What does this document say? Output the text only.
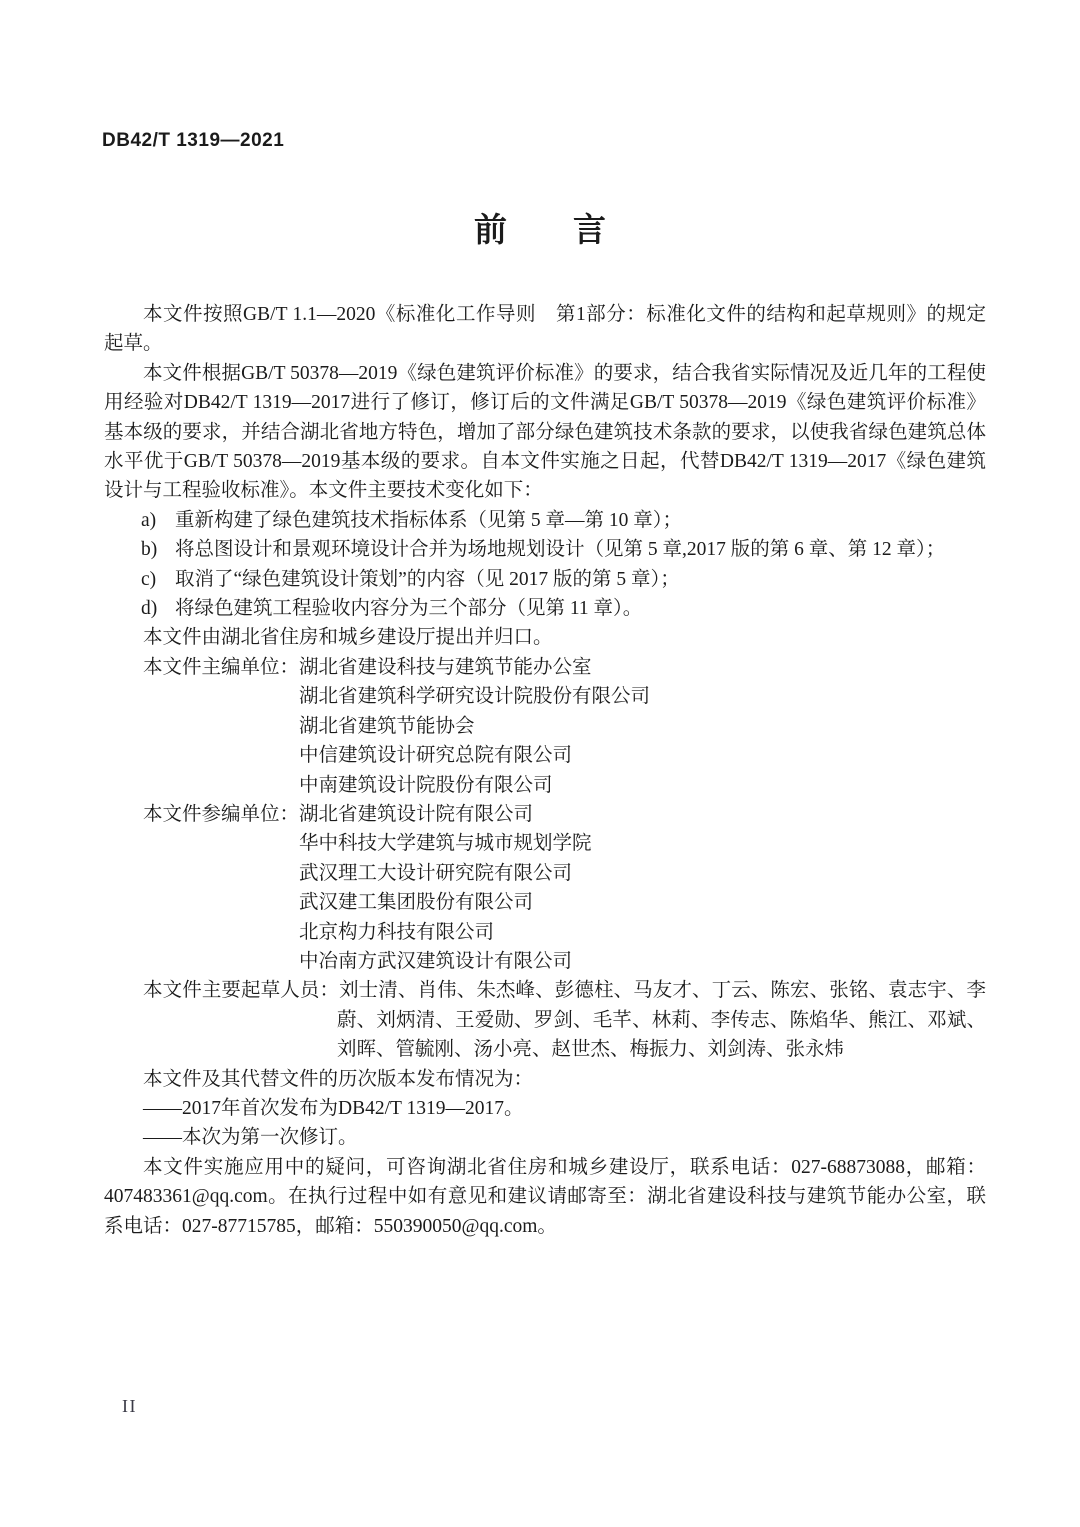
DB42/T 1319—2021
前　　言
本文件按照GB/T 1.1—2020《标准化工作导则　第1部分：标准化文件的结构和起草规则》的规定起草。
本文件根据GB/T 50378—2019《绿色建筑评价标准》的要求，结合我省实际情况及近几年的工程使用经验对DB42/T 1319—2017进行了修订，修订后的文件满足GB/T 50378—2019《绿色建筑评价标准》基本级的要求，并结合湖北省地方特色，增加了部分绿色建筑技术条款的要求，以使我省绿色建筑总体水平优于GB/T 50378—2019基本级的要求。自本文件实施之日起，代替DB42/T 1319—2017《绿色建筑设计与工程验收标准》。本文件主要技术变化如下：
a) 重新构建了绿色建筑技术指标体系（见第 5 章—第 10 章）；
b) 将总图设计和景观环境设计合并为场地规划设计（见第 5 章,2017 版的第 6 章、第 12 章）；
c) 取消了“绿色建筑设计策划”的内容（见 2017 版的第 5 章）；
d) 将绿色建筑工程验收内容分为三个部分（见第 11 章）。
本文件由湖北省住房和城乡建设厅提出并归口。
本文件主编单位：湖北省建设科技与建筑节能办公室
湖北省建筑科学研究设计院股份有限公司
湖北省建筑节能协会
中信建筑设计研究总院有限公司
中南建筑设计院股份有限公司
本文件参编单位：湖北省建筑设计院有限公司
华中科技大学建筑与城市规划学院
武汉理工大设计研究院有限公司
武汉建工集团股份有限公司
北京构力科技有限公司
中冶南方武汉建筑设计有限公司
本文件主要起草人员：刘士清、肖伟、朱杰峰、彭德柱、马友才、丁云、陈宏、张铭、袁志宇、李蔚、刘炳清、王爱勋、罗剑、毛芊、林莉、李传志、陈焰华、熊江、邓斌、刘晖、管毓刚、汤小亮、赵世杰、梅振力、刘剑涛、张永炜
本文件及其代替文件的历次版本发布情况为：
——2017年首次发布为DB42/T 1319—2017。
——本次为第一次修订。
本文件实施应用中的疑问，可咨询湖北省住房和城乡建设厅，联系电话：027-68873088，邮箱：407483361@qq.com。在执行过程中如有意见和建议请邮寄至：湖北省建设科技与建筑节能办公室，联系电话：027-87715785，邮箱：550390050@qq.com。
II
